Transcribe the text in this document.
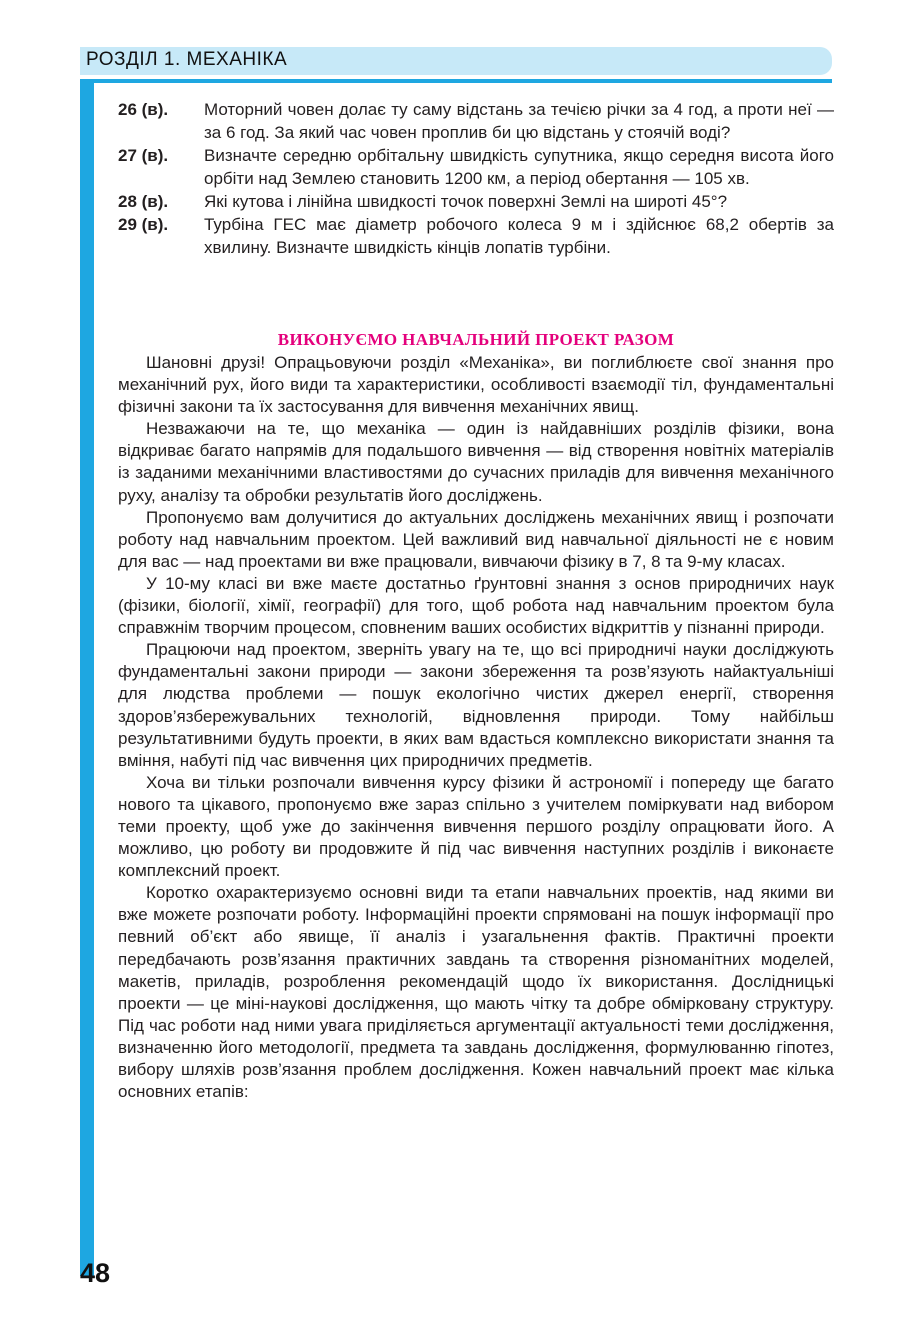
РОЗДІЛ 1. МЕХАНІКА
26 (в).	Моторний човен долає ту саму відстань за течією річки за 4 год, а проти неї — за 6 год. За який час човен проплив би цю відстань у стоячій воді?
27 (в).	Визначте середню орбітальну швидкість супутника, якщо середня висота його орбіти над Землею становить 1200 км, а період обертання — 105 хв.
28 (в).	Які кутова і лінійна швидкості точок поверхні Землі на широті 45°?
29 (в).	Турбіна ГЕС має діаметр робочого колеса 9 м і здійснює 68,2 обертів за хвилину. Визначте швидкість кінців лопатів турбіни.
ВИКОНУЄМО НАВЧАЛЬНИЙ ПРОЕКТ РАЗОМ

Шановні друзі! Опрацьовуючи розділ «Механіка», ви поглиблюєте свої знання про механічний рух, його види та характеристики, особливості взаємодії тіл, фундаментальні фізичні закони та їх застосування для вивчення механічних явищ.

Незважаючи на те, що механіка — один із найдавніших розділів фізики, вона відкриває багато напрямів для подальшого вивчення — від створення новітніх матеріалів із заданими механічними властивостями до сучасних приладів для вивчення механічного руху, аналізу та обробки результатів його досліджень.

Пропонуємо вам долучитися до актуальних досліджень механічних явищ і розпочати роботу над навчальним проектом. Цей важливий вид навчальної діяльності не є новим для вас — над проектами ви вже працювали, вивчаючи фізику в 7, 8 та 9-му класах.

У 10-му класі ви вже маєте достатньо ґрунтовні знання з основ природничих наук (фізики, біології, хімії, географії) для того, щоб робота над навчальним проектом була справжнім творчим процесом, сповненим ваших особистих відкриттів у пізнанні природи.

Працюючи над проектом, зверніть увагу на те, що всі природничі науки досліджують фундаментальні закони природи — закони збереження та розв’язують найактуальніші для людства проблеми — пошук екологічно чистих джерел енергії, створення здоров’язбережувальних технологій, відновлення природи. Тому найбільш результативними будуть проекти, в яких вам вдасться комплексно використати знання та вміння, набуті під час вивчення цих природничих предметів.

Хоча ви тільки розпочали вивчення курсу фізики й астрономії і попереду ще багато нового та цікавого, пропонуємо вже зараз спільно з учителем поміркувати над вибором теми проекту, щоб уже до закінчення вивчення першого розділу опрацювати його. А можливо, цю роботу ви продовжите й під час вивчення наступних розділів і виконаєте комплексний проект.

Коротко охарактеризуємо основні види та етапи навчальних проектів, над якими ви вже можете розпочати роботу. Інформаційні проекти спрямовані на пошук інформації про певний об’єкт або явище, її аналіз і узагальнення фактів. Практичні проекти передбачають розв’язання практичних завдань та створення різноманітних моделей, макетів, приладів, розроблення рекомендацій щодо їх використання. Дослідницькі проекти — це міні-наукові дослідження, що мають чітку та добре обмірковану структуру. Під час роботи над ними увага приділяється аргументації актуальності теми дослідження, визначенню його методології, предмета та завдань дослідження, формулюванню гіпотез, вибору шляхів розв’язання проблем дослідження. Кожен навчальний проект має кілька основних етапів:

48
